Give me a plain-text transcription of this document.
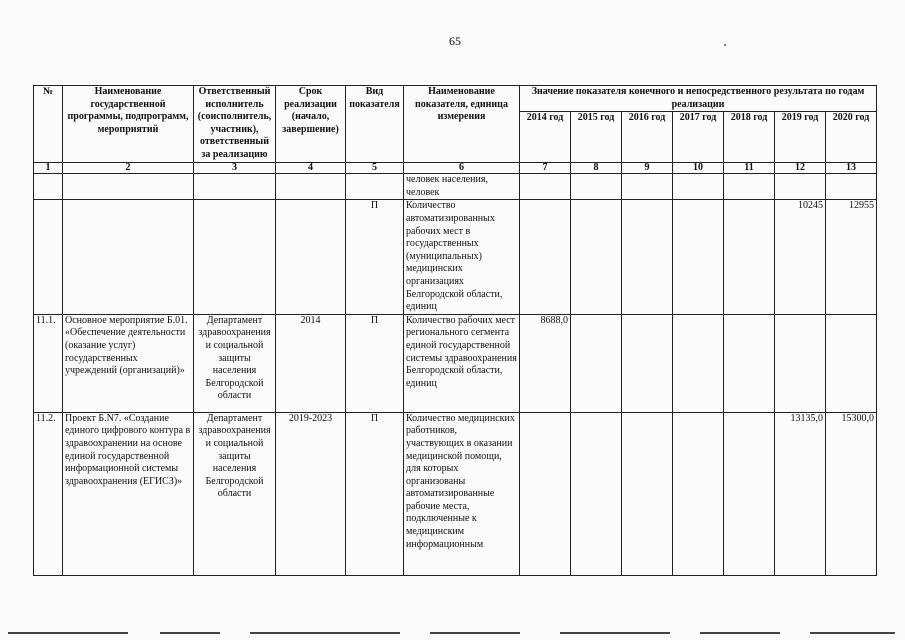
65
№	Наименование государственной программы, подпрограмм, мероприятий	Ответственный исполнитель (соисполнитель, участник), ответственный за реализацию	Срок реализации (начало, завершение)	Вид показателя	Наименование показателя, единица измерения	Значение показателя конечного и непосредственного результата по годам реализации						
						2014 год	2015 год	2016 год	2017 год	2018 год	2019 год	2020 год
1	2	3	4	5	6	7	8	9	10	11	12	13
					человек населения, человек							
				П	Количество автоматизированных рабочих мест в государственных (муниципальных) медицинских организациях Белгородской области, единиц						10245	12955
11.1.	Основное мероприятие Б.01. «Обеспечение деятельности (оказание услуг) государственных учреждений (организаций)»	Департамент здравоохранения и социальной защиты населения Белгородской области	2014	П	Количество рабочих мест регионального сегмента единой государственной системы здравоохранения Белгородской области, единиц	8688,0						
11.2.	Проект Б.N7. «Создание единого цифрового контура в здравоохранении на основе единой государственной информационной системы здравоохранения (ЕГИСЗ)»	Департамент здравоохранения и социальной защиты населения Белгородской области	2019-2023	П	Количество медицинских работников, участвующих в оказании медицинской помощи, для которых организованы автоматизированные рабочие места, подключенные к медицинским информационным						13135,0	15300,0
